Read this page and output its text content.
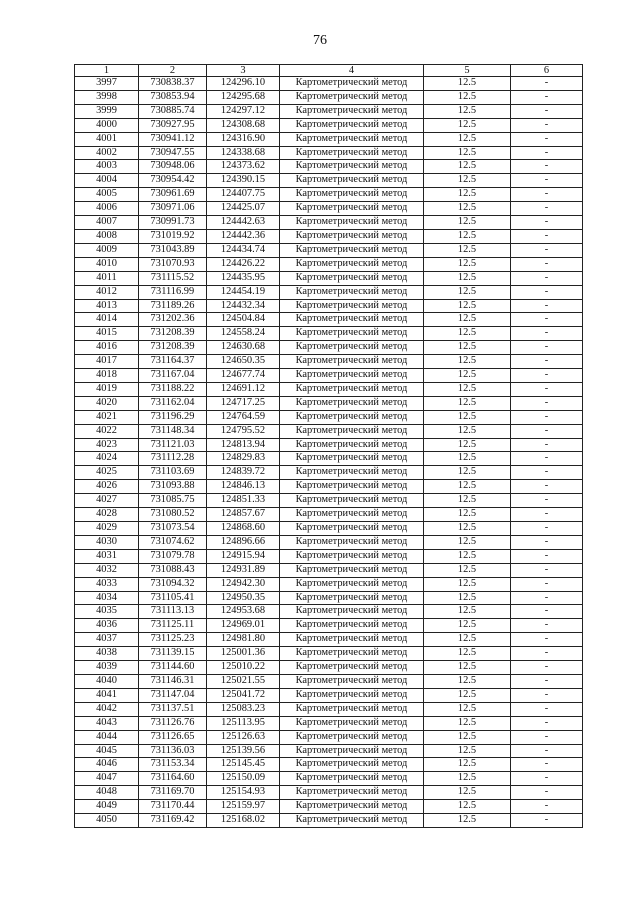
76
1	2	3	4	5	6
3997	730838.37	124296.10	Картометрический метод	12.5	-
3998	730853.94	124295.68	Картометрический метод	12.5	-
3999	730885.74	124297.12	Картометрический метод	12.5	-
4000	730927.95	124308.68	Картометрический метод	12.5	-
4001	730941.12	124316.90	Картометрический метод	12.5	-
4002	730947.55	124338.68	Картометрический метод	12.5	-
4003	730948.06	124373.62	Картометрический метод	12.5	-
4004	730954.42	124390.15	Картометрический метод	12.5	-
4005	730961.69	124407.75	Картометрический метод	12.5	-
4006	730971.06	124425.07	Картометрический метод	12.5	-
4007	730991.73	124442.63	Картометрический метод	12.5	-
4008	731019.92	124442.36	Картометрический метод	12.5	-
4009	731043.89	124434.74	Картометрический метод	12.5	-
4010	731070.93	124426.22	Картометрический метод	12.5	-
4011	731115.52	124435.95	Картометрический метод	12.5	-
4012	731116.99	124454.19	Картометрический метод	12.5	-
4013	731189.26	124432.34	Картометрический метод	12.5	-
4014	731202.36	124504.84	Картометрический метод	12.5	-
4015	731208.39	124558.24	Картометрический метод	12.5	-
4016	731208.39	124630.68	Картометрический метод	12.5	-
4017	731164.37	124650.35	Картометрический метод	12.5	-
4018	731167.04	124677.74	Картометрический метод	12.5	-
4019	731188.22	124691.12	Картометрический метод	12.5	-
4020	731162.04	124717.25	Картометрический метод	12.5	-
4021	731196.29	124764.59	Картометрический метод	12.5	-
4022	731148.34	124795.52	Картометрический метод	12.5	-
4023	731121.03	124813.94	Картометрический метод	12.5	-
4024	731112.28	124829.83	Картометрический метод	12.5	-
4025	731103.69	124839.72	Картометрический метод	12.5	-
4026	731093.88	124846.13	Картометрический метод	12.5	-
4027	731085.75	124851.33	Картометрический метод	12.5	-
4028	731080.52	124857.67	Картометрический метод	12.5	-
4029	731073.54	124868.60	Картометрический метод	12.5	-
4030	731074.62	124896.66	Картометрический метод	12.5	-
4031	731079.78	124915.94	Картометрический метод	12.5	-
4032	731088.43	124931.89	Картометрический метод	12.5	-
4033	731094.32	124942.30	Картометрический метод	12.5	-
4034	731105.41	124950.35	Картометрический метод	12.5	-
4035	731113.13	124953.68	Картометрический метод	12.5	-
4036	731125.11	124969.01	Картометрический метод	12.5	-
4037	731125.23	124981.80	Картометрический метод	12.5	-
4038	731139.15	125001.36	Картометрический метод	12.5	-
4039	731144.60	125010.22	Картометрический метод	12.5	-
4040	731146.31	125021.55	Картометрический метод	12.5	-
4041	731147.04	125041.72	Картометрический метод	12.5	-
4042	731137.51	125083.23	Картометрический метод	12.5	-
4043	731126.76	125113.95	Картометрический метод	12.5	-
4044	731126.65	125126.63	Картометрический метод	12.5	-
4045	731136.03	125139.56	Картометрический метод	12.5	-
4046	731153.34	125145.45	Картометрический метод	12.5	-
4047	731164.60	125150.09	Картометрический метод	12.5	-
4048	731169.70	125154.93	Картометрический метод	12.5	-
4049	731170.44	125159.97	Картометрический метод	12.5	-
4050	731169.42	125168.02	Картометрический метод	12.5	-
